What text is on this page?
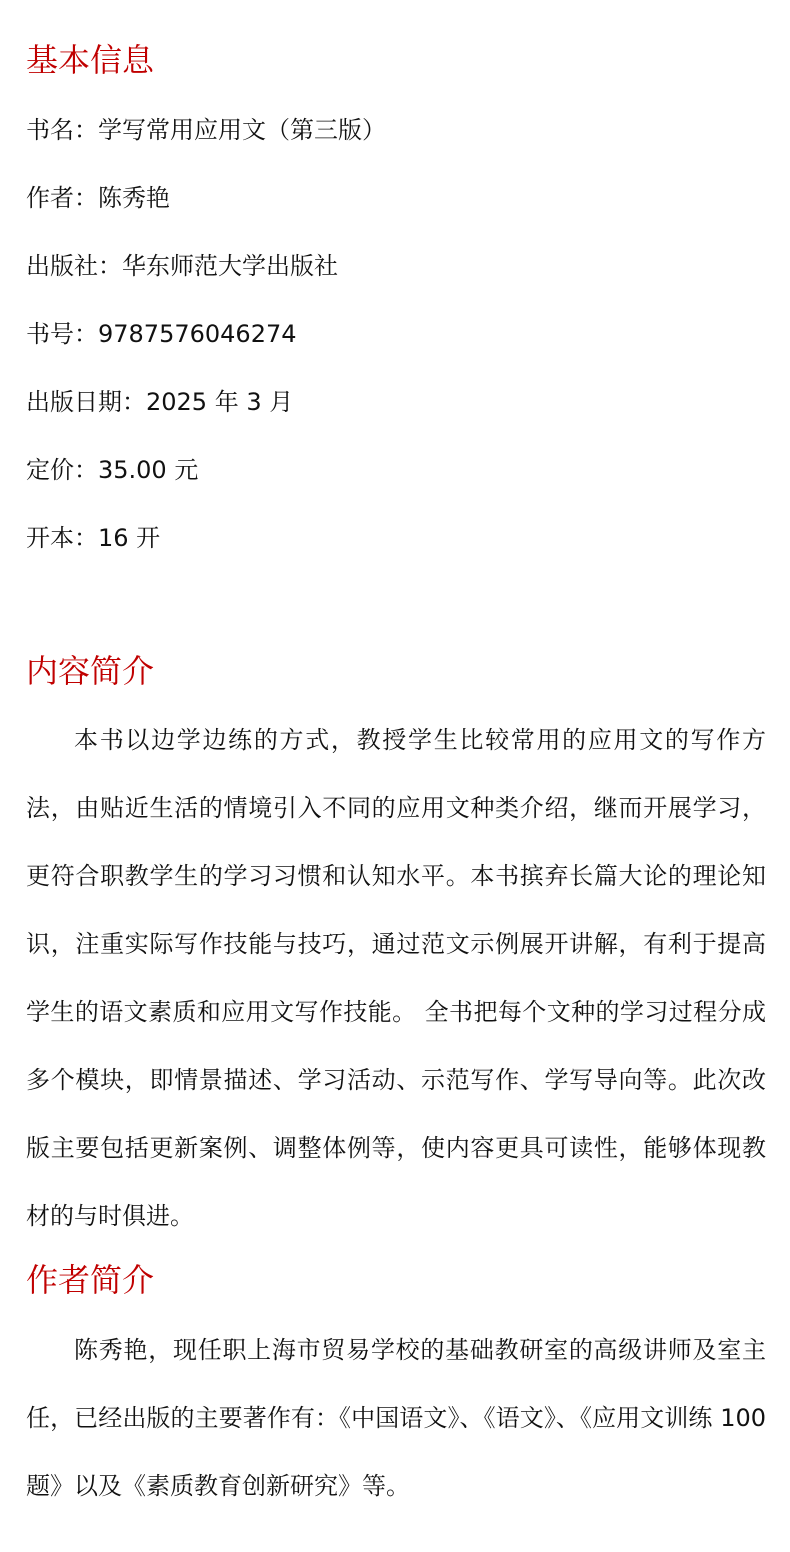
基本信息
书名：学写常用应用文（第三版）
作者：陈秀艳
出版社：华东师范大学出版社
书号：9787576046274
出版日期：2025 年 3 月
定价：35.00 元
开本：16 开
内容简介

本书以边学边练的方式，教授学生比较常用的应用文的写作方法，由贴近生活的情境引入不同的应用文种类介绍，继而开展学习，更符合职教学生的学习习惯和认知水平。本书摈弃长篇大论的理论知识，注重实际写作技能与技巧，通过范文示例展开讲解，有利于提高学生的语文素质和应用文写作技能。 全书把每个文种的学习过程分成多个模块，即情景描述、学习活动、示范写作、学写导向等。此次改版主要包括更新案例、调整体例等，使内容更具可读性，能够体现教材的与时俱进。

作者简介

陈秀艳，现任职上海市贸易学校的基础教研室的高级讲师及室主任，已经出版的主要著作有：《中国语文》、《语文》、《应用文训练 100 题》以及《素质教育创新研究》等。
